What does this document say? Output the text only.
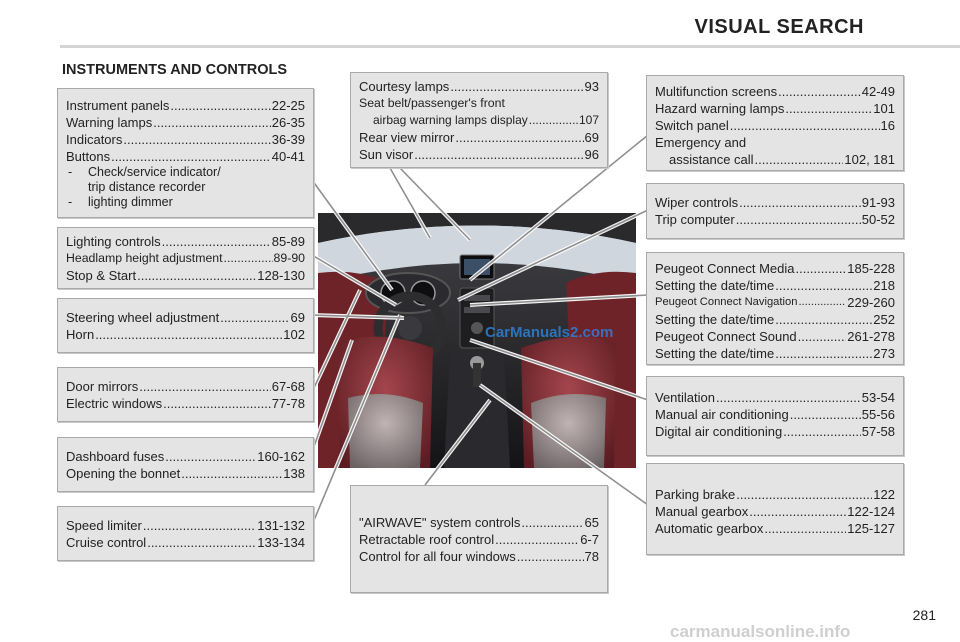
VISUAL SEARCH
INSTRUMENTS AND CONTROLS
Instrument panels .....	22-25
Warning lamps .....	26-35
Indicators .....	36-39
Buttons .....	40-41
-	Check/service indicator/
trip distance recorder
-	lighting dimmer
Lighting controls .....	85-89
Headlamp height adjustment .....	89-90
Stop & Start .....	128-130
Steering wheel adjustment .....	69
Horn .....	102
Door mirrors .....	67-68
Electric windows .....	77-78
Dashboard fuses .....	160-162
Opening the bonnet .....	138
Speed limiter .....	131-132
Cruise control .....	133-134
Courtesy lamps .....	93
Seat belt/passenger's front
airbag warning lamps display .....	107
Rear view mirror .....	69
Sun visor .....	96
"AIRWAVE" system controls .....	65
Retractable roof control .....	6-7
Control for all four windows .....	78
Multifunction screens .....	42-49
Hazard warning lamps .....	101
Switch panel .....	16
Emergency and
assistance call .....	102, 181
Wiper controls .....	91-93
Trip computer .....	50-52
Peugeot Connect Media .....	185-228
Setting the date/time .....	218
Peugeot Connect Navigation .....	229-260
Setting the date/time .....	252
Peugeot Connect Sound .....	261-278
Setting the date/time .....	273
Ventilation .....	53-54
Manual air conditioning .....	55-56
Digital air conditioning .....	57-58
Parking brake .....	122
Manual gearbox .....	122-124
Automatic gearbox .....	125-127
CarManuals2.com
281
carmanualsonline.info
